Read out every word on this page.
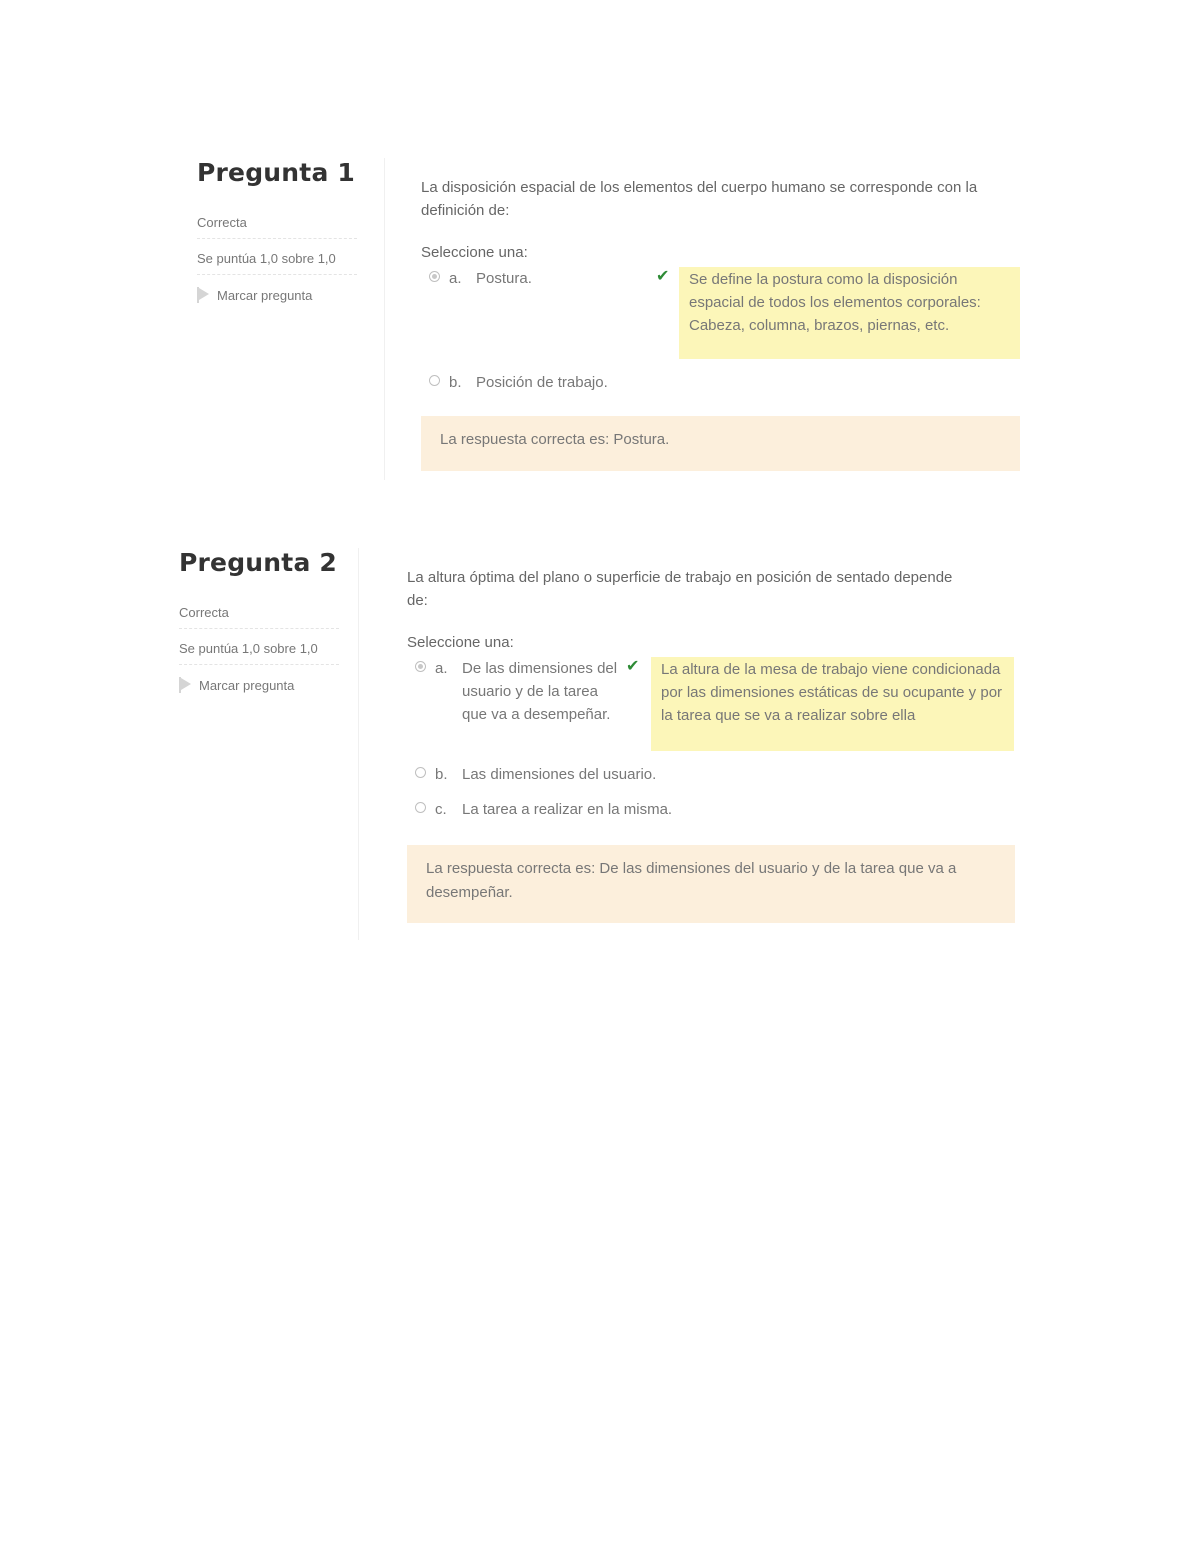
Pregunta 1
Correcta
Se puntúa 1,0 sobre 1,0
Marcar pregunta

La disposición espacial de los elementos del cuerpo humano se corresponde con la definición de:

Seleccione una:
a. Postura.	✔	Se define la postura como la disposición espacial de todos los elementos corporales: Cabeza, columna, brazos, piernas, etc.
b. Posición de trabajo.
La respuesta correcta es: Postura.
Pregunta 2
Correcta
Se puntúa 1,0 sobre 1,0
Marcar pregunta

La altura óptima del plano o superficie de trabajo en posición de sentado depende de:

Seleccione una:
a. De las dimensiones del usuario y de la tarea que va a desempeñar.
✔	La altura de la mesa de trabajo viene condicionada por las dimensiones estáticas de su ocupante y por la tarea que se va a realizar sobre ella
b. Las dimensiones del usuario.
c.	La tarea a realizar en la misma.
La respuesta correcta es: De las dimensiones del usuario y de la tarea que va a desempeñar.
